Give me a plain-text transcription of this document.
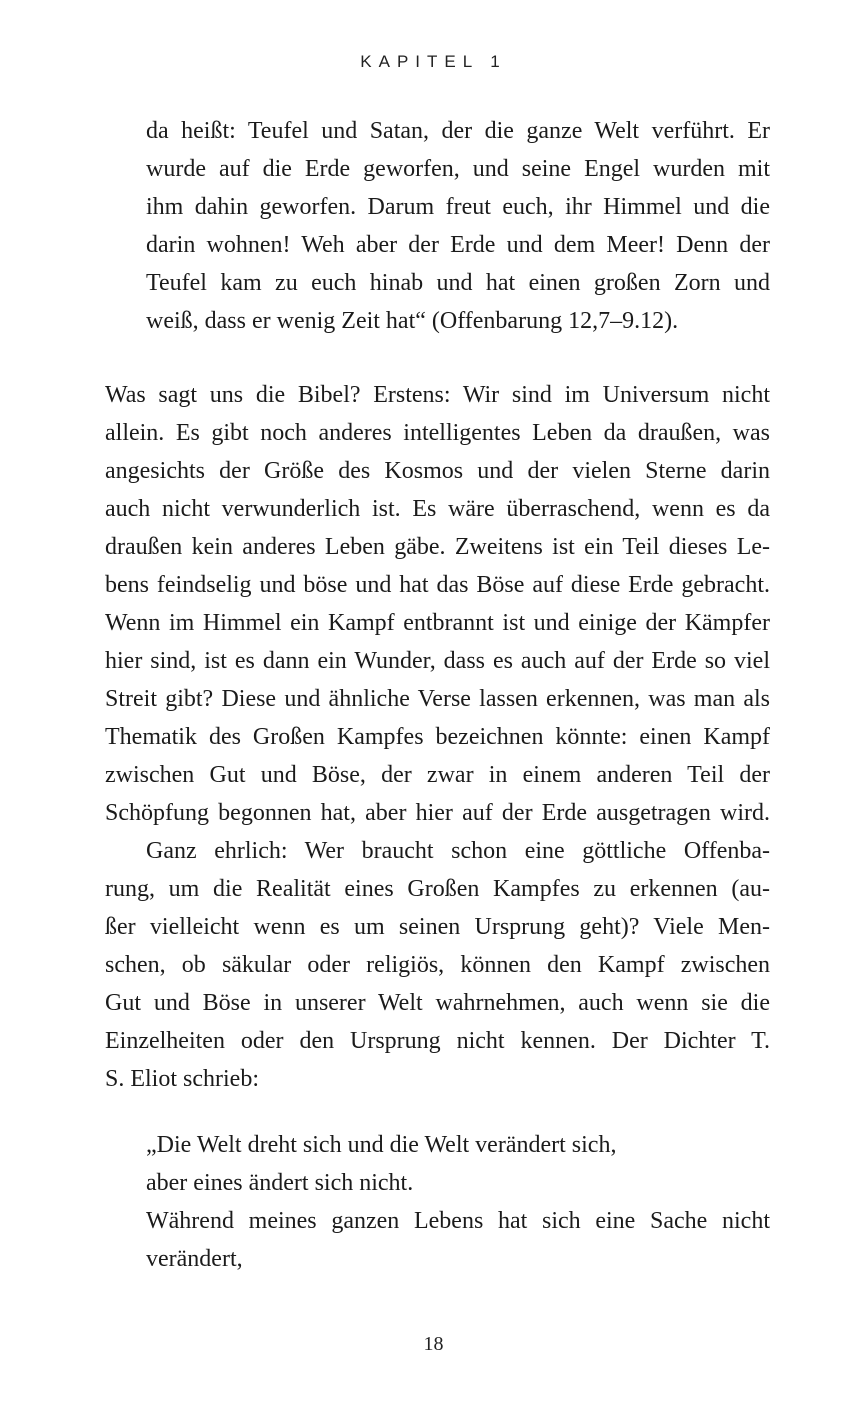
KAPITEL 1
da heißt: Teufel und Satan, der die ganze Welt verführt. Er
wurde auf die Erde geworfen, und seine Engel wurden mit
ihm dahin geworfen. Darum freut euch, ihr Himmel und die
darin wohnen! Weh aber der Erde und dem Meer! Denn der
Teufel kam zu euch hinab und hat einen großen Zorn und
weiß, dass er wenig Zeit hat“ (Offenbarung 12,7–9.12).
Was sagt uns die Bibel? Erstens: Wir sind im Universum nicht
allein. Es gibt noch anderes intelligentes Leben da draußen, was
angesichts der Größe des Kosmos und der vielen Sterne darin
auch nicht verwunderlich ist. Es wäre überraschend, wenn es da
draußen kein anderes Leben gäbe. Zweitens ist ein Teil dieses Le-
bens feindselig und böse und hat das Böse auf diese Erde gebracht.
Wenn im Himmel ein Kampf entbrannt ist und einige der Kämpfer
hier sind, ist es dann ein Wunder, dass es auch auf der Erde so viel
Streit gibt? Diese und ähnliche Verse lassen erkennen, was man als
Thematik des Großen Kampfes bezeichnen könnte: einen Kampf
zwischen Gut und Böse, der zwar in einem anderen Teil der
Schöpfung begonnen hat, aber hier auf der Erde ausgetragen wird.
Ganz ehrlich: Wer braucht schon eine göttliche Offenba-
rung, um die Realität eines Großen Kampfes zu erkennen (au-
ßer vielleicht wenn es um seinen Ursprung geht)? Viele Men-
schen, ob säkular oder religiös, können den Kampf zwischen
Gut und Böse in unserer Welt wahrnehmen, auch wenn sie die
Einzelheiten oder den Ursprung nicht kennen. Der Dichter T.
S. Eliot schrieb:
„Die Welt dreht sich und die Welt verändert sich,
aber eines ändert sich nicht.
Während meines ganzen Lebens hat sich eine Sache nicht
verändert,
18
